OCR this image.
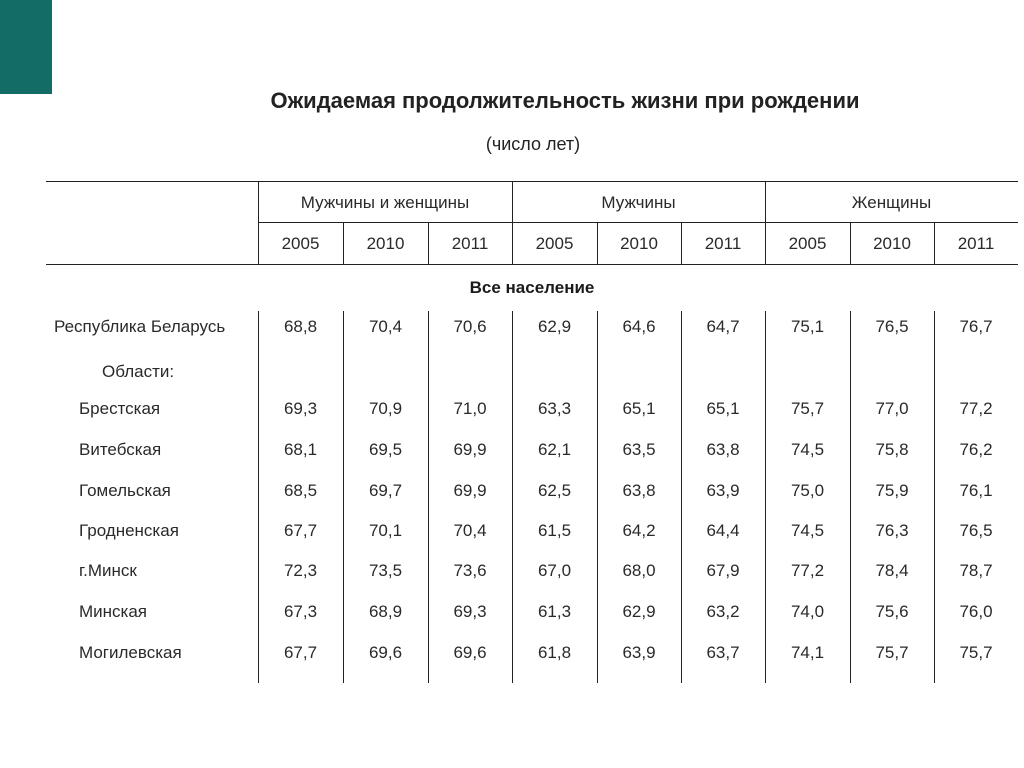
Ожидаемая продолжительность жизни при рождении
(число лет)
Мужчины и женщины	Мужчины	Женщины
Все население
2005	2010	2011	2005	2010	2011	2005	2010	2011
Республика Беларусь	68,8	70,4	70,6	62,9	64,6	64,7	75,1	76,5	76,7
Области:
Брестская	69,3	70,9	71,0	63,3	65,1	65,1	75,7	77,0	77,2
Витебская	68,1	69,5	69,9	62,1	63,5	63,8	74,5	75,8	76,2
Гомельская	68,5	69,7	69,9	62,5	63,8	63,9	75,0	75,9	76,1
Гродненская	67,7	70,1	70,4	61,5	64,2	64,4	74,5	76,3	76,5
г.Минск	72,3	73,5	73,6	67,0	68,0	67,9	77,2	78,4	78,7
Минская	67,3	68,9	69,3	61,3	62,9	63,2	74,0	75,6	76,0
Могилевская	67,7	69,6	69,6	61,8	63,9	63,7	74,1	75,7	75,7
